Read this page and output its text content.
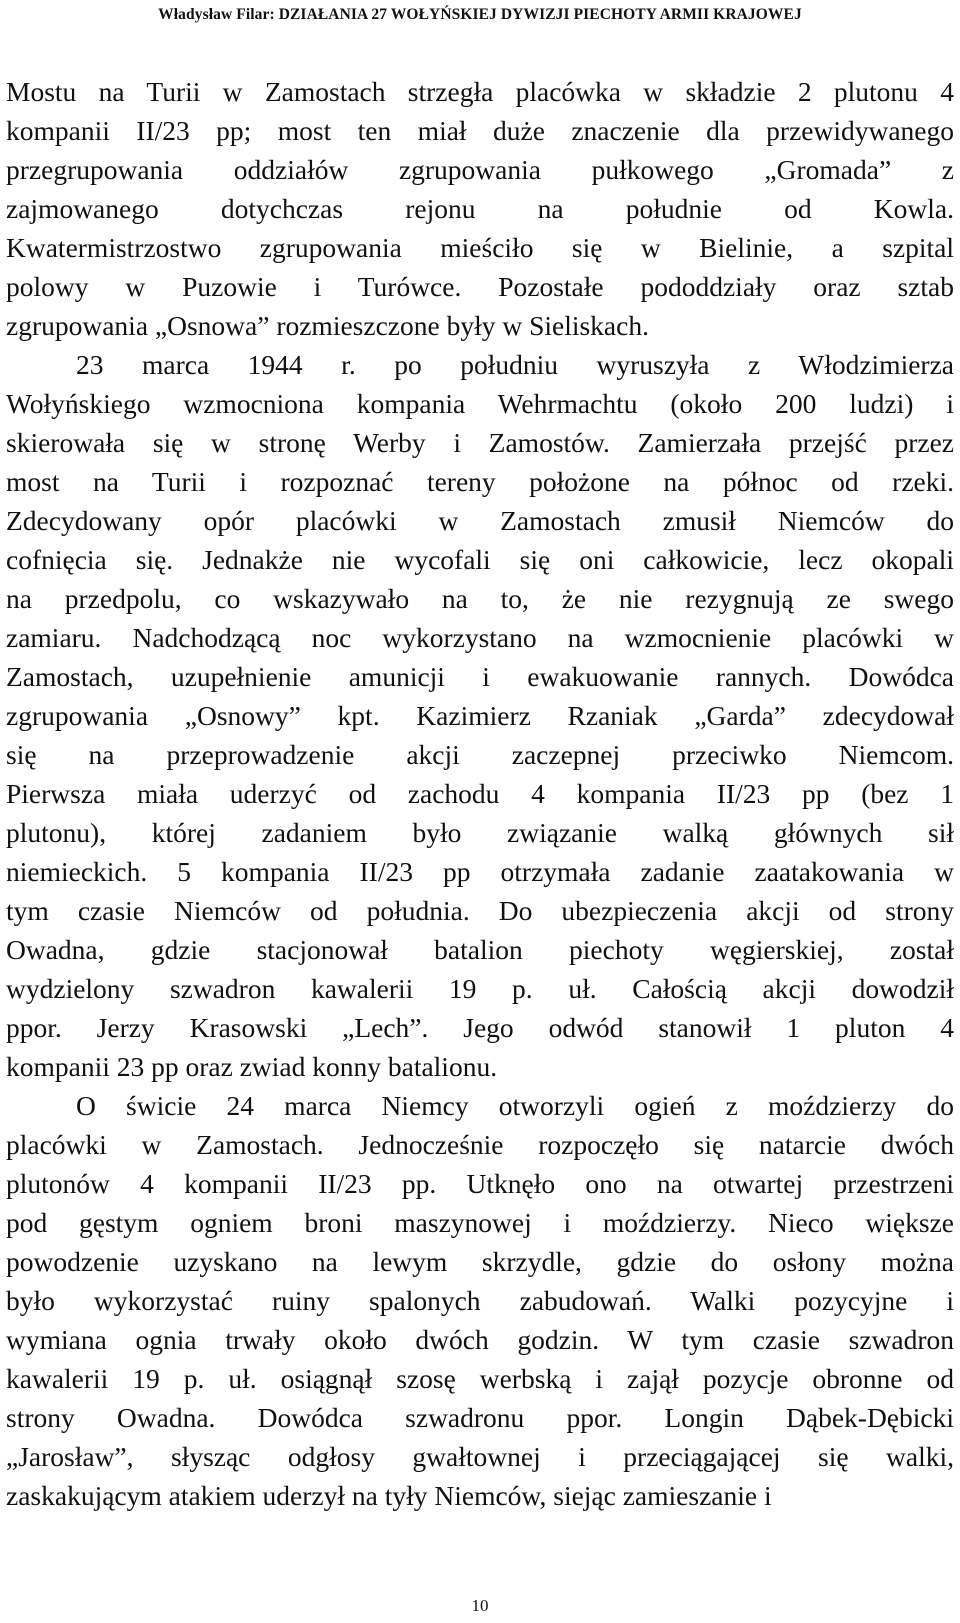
Władysław Filar: DZIAŁANIA 27 WOŁYŃSKIEJ DYWIZJI PIECHOTY ARMII KRAJOWEJ
Mostu na Turii w Zamostach strzegła placówka w składzie 2 plutonu 4
kompanii II/23 pp; most ten miał duże znaczenie dla przewidywanego
przegrupowania oddziałów zgrupowania pułkowego „Gromada” z
zajmowanego dotychczas rejonu na południe od Kowla.
Kwatermistrzostwo zgrupowania mieściło się w Bielinie, a szpital
polowy w Puzowie i Turówce. Pozostałe pododdziały oraz sztab
zgrupowania „Osnowa” rozmieszczone były w Sieliskach.
23 marca 1944 r. po południu wyruszyła z Włodzimierza
Wołyńskiego wzmocniona kompania Wehrmachtu (około 200 ludzi) i
skierowała się w stronę Werby i Zamostów. Zamierzała przejść przez
most na Turii i rozpoznać tereny położone na północ od rzeki.
Zdecydowany opór placówki w Zamostach zmusił Niemców do
cofnięcia się. Jednakże nie wycofali się oni całkowicie, lecz okopali
na przedpolu, co wskazywało na to, że nie rezygnują ze swego
zamiaru. Nadchodzącą noc wykorzystano na wzmocnienie placówki w
Zamostach, uzupełnienie amunicji i ewakuowanie rannych. Dowódca
zgrupowania „Osnowy” kpt. Kazimierz Rzaniak „Garda” zdecydował
się na przeprowadzenie akcji zaczepnej przeciwko Niemcom.
Pierwsza miała uderzyć od zachodu 4 kompania II/23 pp (bez 1
plutonu), której zadaniem było związanie walką głównych sił
niemieckich. 5 kompania II/23 pp otrzymała zadanie zaatakowania w
tym czasie Niemców od południa. Do ubezpieczenia akcji od strony
Owadna, gdzie stacjonował batalion piechoty węgierskiej, został
wydzielony szwadron kawalerii 19 p. uł. Całością akcji dowodził
ppor. Jerzy Krasowski „Lech”. Jego odwód stanowił 1 pluton 4
kompanii 23 pp oraz zwiad konny batalionu.
O świcie 24 marca Niemcy otworzyli ogień z moździerzy do
placówki w Zamostach. Jednocześnie rozpoczęło się natarcie dwóch
plutonów 4 kompanii II/23 pp. Utknęło ono na otwartej przestrzeni
pod gęstym ogniem broni maszynowej i moździerzy. Nieco większe
powodzenie uzyskano na lewym skrzydle, gdzie do osłony można
było wykorzystać ruiny spalonych zabudowań. Walki pozycyjne i
wymiana ognia trwały około dwóch godzin. W tym czasie szwadron
kawalerii 19 p. uł. osiągnął szosę werbską i zajął pozycje obronne od
strony Owadna. Dowódca szwadronu ppor. Longin Dąbek-Dębicki
„Jarosław”, słysząc odgłosy gwałtownej i przeciągającej się walki,
zaskakującym atakiem uderzył na tyły Niemców, siejąc zamieszanie i
10
